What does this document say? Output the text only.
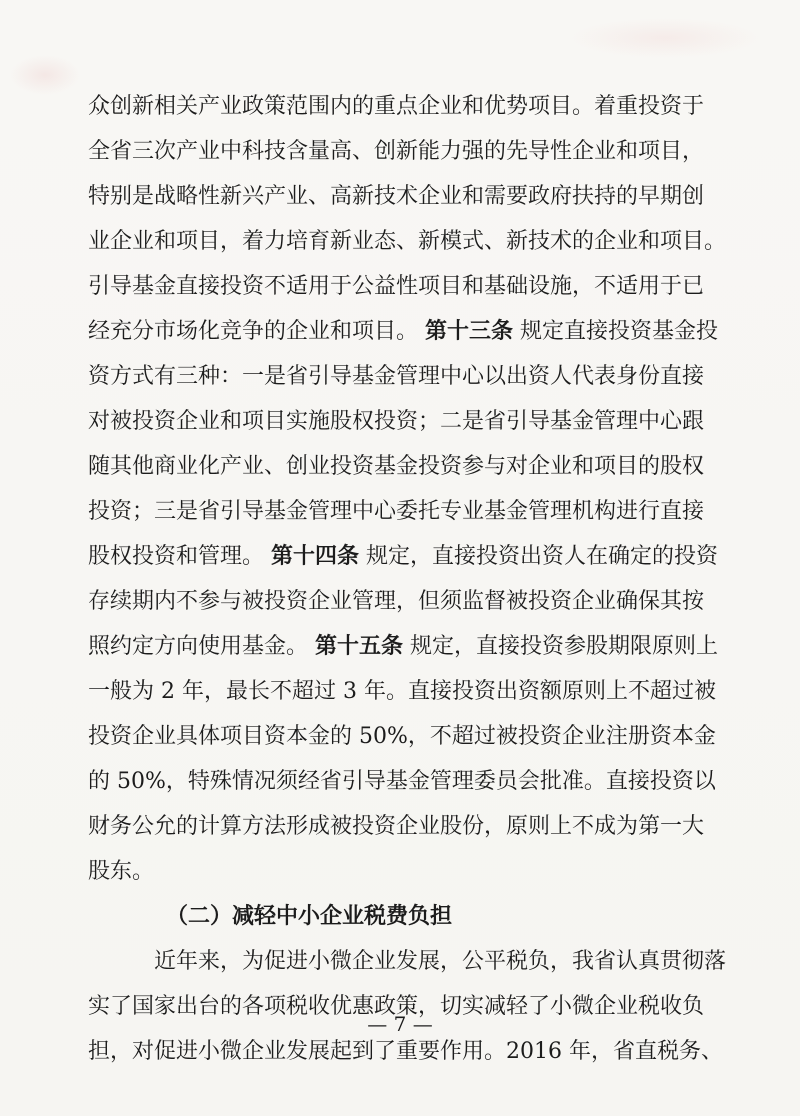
众创新相关产业政策范围内的重点企业和优势项目。着重投资于
全省三次产业中科技含量高、创新能力强的先导性企业和项目，
特别是战略性新兴产业、高新技术企业和需要政府扶持的早期创
业企业和项目，着力培育新业态、新模式、新技术的企业和项目。
引导基金直接投资不适用于公益性项目和基础设施，不适用于已
经充分市场化竞争的企业和项目。 第十三条 规定直接投资基金投
资方式有三种：一是省引导基金管理中心以出资人代表身份直接
对被投资企业和项目实施股权投资；二是省引导基金管理中心跟
随其他商业化产业、创业投资基金投资参与对企业和项目的股权
投资；三是省引导基金管理中心委托专业基金管理机构进行直接
股权投资和管理。 第十四条 规定，直接投资出资人在确定的投资
存续期内不参与被投资企业管理，但须监督被投资企业确保其按
照约定方向使用基金。 第十五条 规定，直接投资参股期限原则上
一般为 2 年，最长不超过 3 年。直接投资出资额原则上不超过被
投资企业具体项目资本金的 50%，不超过被投资企业注册资本金
的 50%，特殊情况须经省引导基金管理委员会批准。直接投资以
财务公允的计算方法形成被投资企业股份，原则上不成为第一大
股东。
（二）减轻中小企业税费负担
近年来，为促进小微企业发展，公平税负，我省认真贯彻落
实了国家出台的各项税收优惠政策，切实减轻了小微企业税收负
担，对促进小微企业发展起到了重要作用。2016 年，省直税务、
— 7 —
